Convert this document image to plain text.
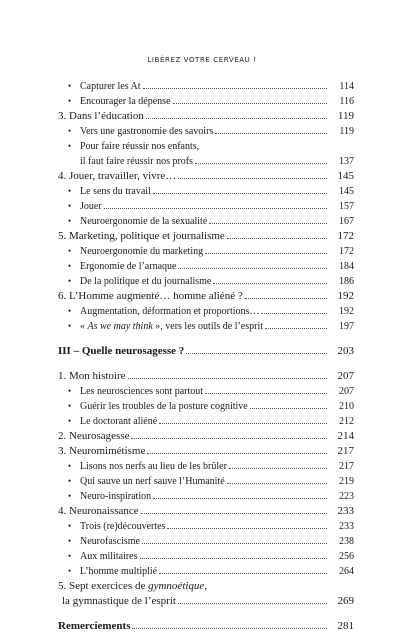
LIBÉREZ VOTRE CERVEAU !
• Capturer les At	114
• Encourager la dépense	116
3. Dans l’éducation	119
• Vers une gastronomie des savoirs	119
• Pour faire réussir nos enfants,
il faut faire réussir nos profs	137
4. Jouer, travailler, vivre…	145
• Le sens du travail	145
• Jouer	157
• Neuroergonomie de la sexualité	167
5. Marketing, politique et journalisme	172
• Neuroergonomie du marketing	172
• Ergonomie de l’arnaque	184
• De la politique et du journalisme	186
6. L’Homme augmenté… homme aliéné ?	192
• Augmentation, déformation et proportions…	192
• « As we may think », vers les outils de l’esprit	197
III – Quelle neurosagesse ?	203
1. Mon histoire	207
• Les neurosciences sont partout	207
• Guérir les troubles de la posture cognitive	210
• Le doctorant aliéné	212
2. Neurosagesse	214
3. Neuromimétisme	217
• Lisons nos nerfs au lieu de les brûler	217
• Qui sauve un nerf sauve l’Humanité	219
• Neuro-inspiration	223
4. Neuronaissance	233
• Trois (re)découvertes	233
• Neurofascisme	238
• Aux militaires	256
• L’homme multiplié	264
5. Sept exercices de gymnoétique,
la gymnastique de l’esprit	269
Remerciements	281
